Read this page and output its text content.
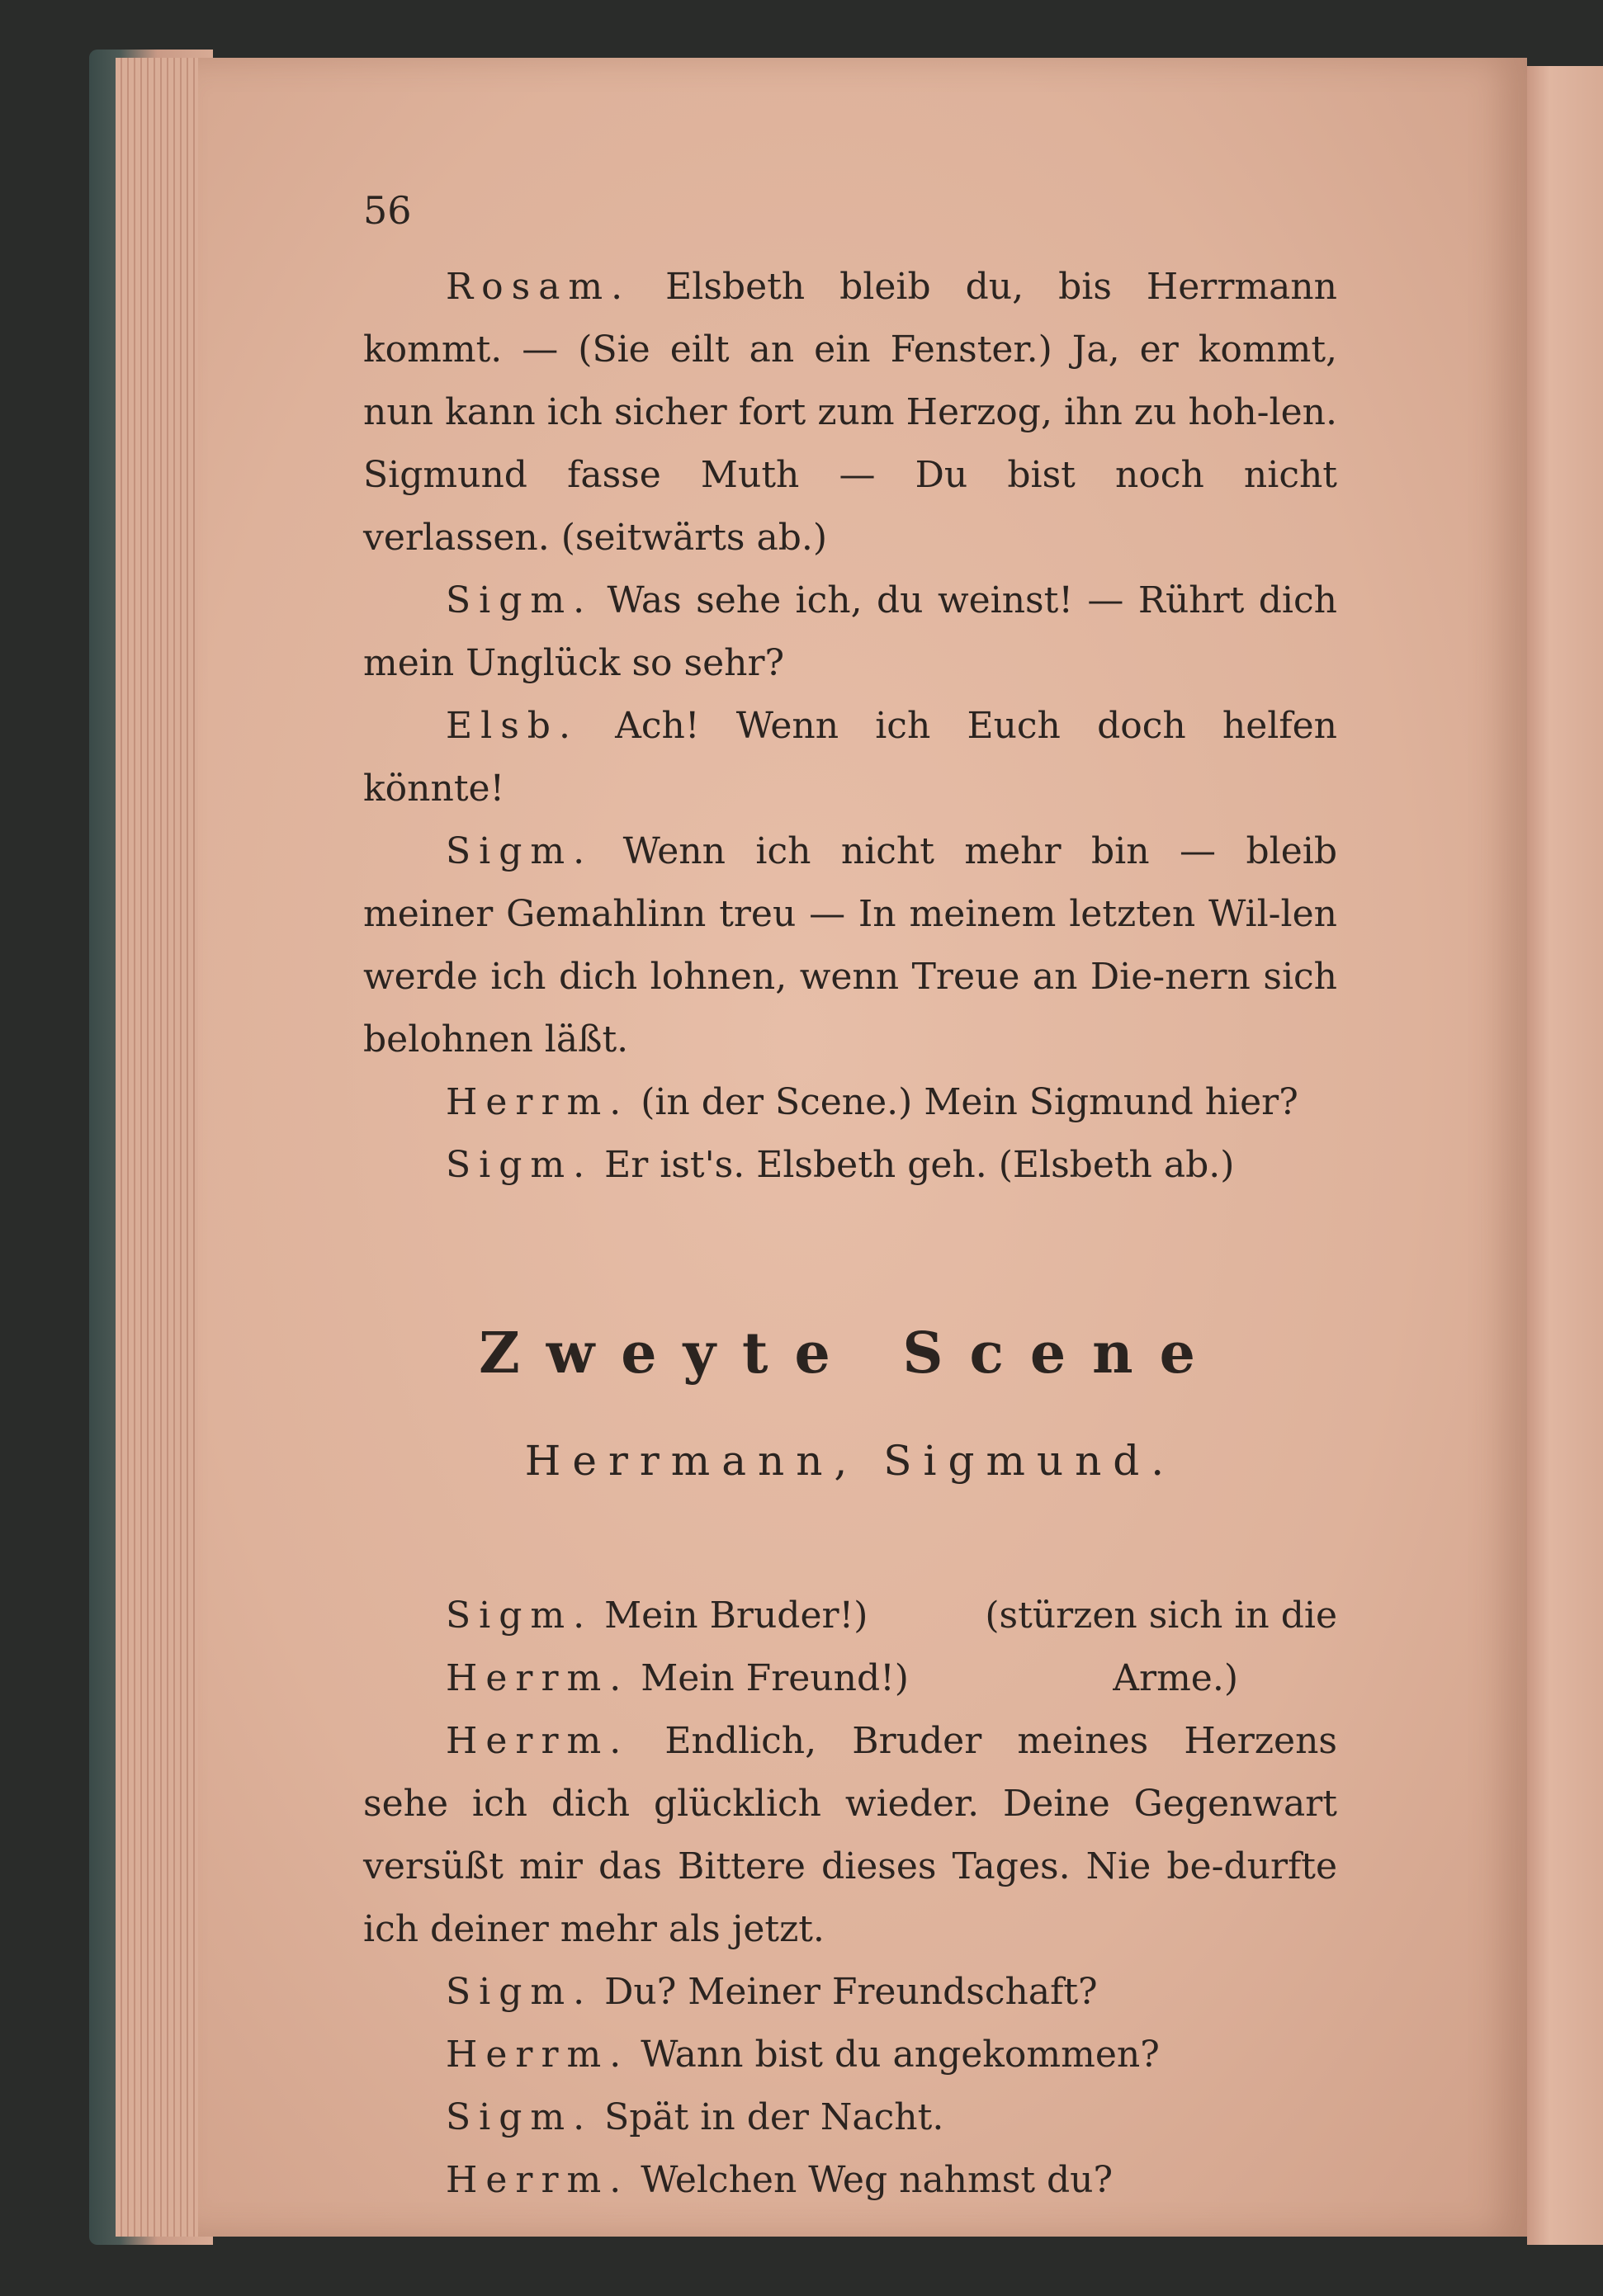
56

Rosam. Elsbeth bleib du, bis Herrmann kommt. — (Sie eilt an ein Fenster.) Ja, er kommt, nun kann ich sicher fort zum Herzog, ihn zu hoh-len. Sigmund fasse Muth — Du bist noch nicht verlassen. (seitwärts ab.)

Sigm. Was sehe ich, du weinst! — Rührt dich mein Unglück so sehr?

Elsb. Ach! Wenn ich Euch doch helfen könnte!

Sigm. Wenn ich nicht mehr bin — bleib meiner Gemahlinn treu — In meinem letzten Wil-len werde ich dich lohnen, wenn Treue an Die-nern sich belohnen läßt.

Herrm. (in der Scene.) Mein Sigmund hier?

Sigm. Er ist's. Elsbeth geh. (Elsbeth ab.)

Zweyte Scene
Herrmann, Sigmund.

Sigm. Mein Bruder!)	(stürzen sich in die

Herrm. Mein Freund!)	Arme.)

Herrm. Endlich, Bruder meines Herzens sehe ich dich glücklich wieder. Deine Gegenwart versüßt mir das Bittere dieses Tages. Nie be-durfte ich deiner mehr als jetzt.

Sigm. Du? Meiner Freundschaft?

Herrm. Wann bist du angekommen?

Sigm. Spät in der Nacht.

Herrm. Welchen Weg nahmst du?
